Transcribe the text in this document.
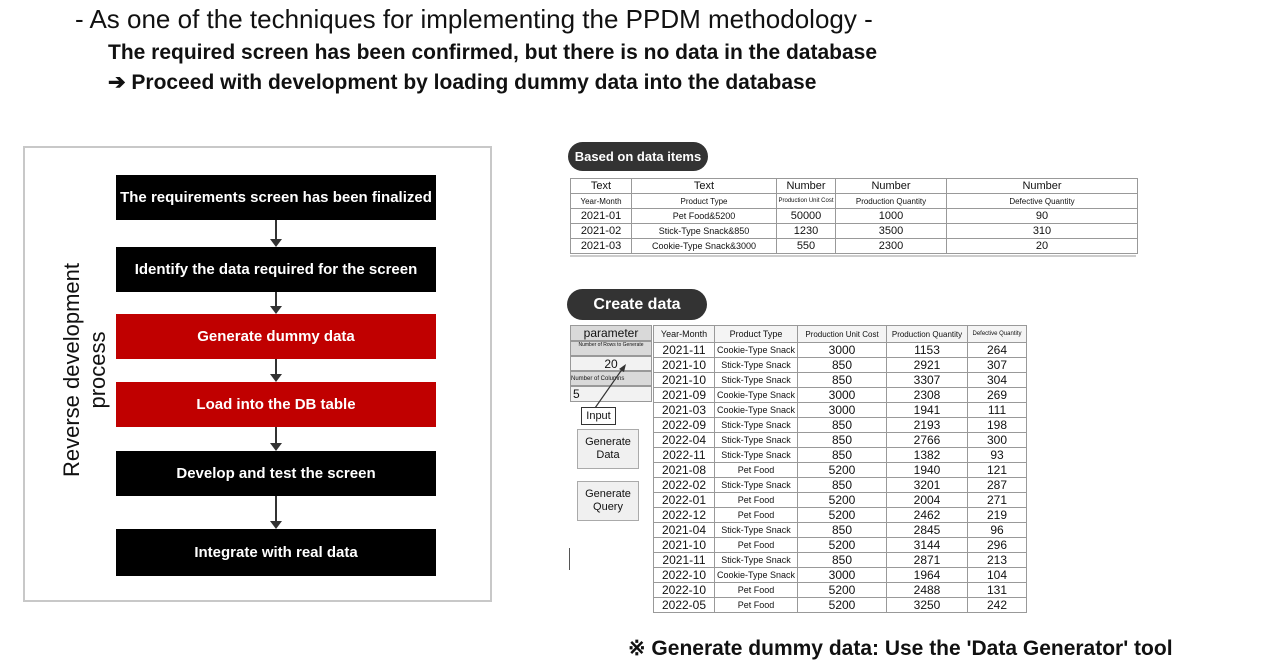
- As one of the techniques for implementing the PPDM methodology -
The required screen has been confirmed, but there is no data in the database
➔ Proceed with development by loading dummy data into the database
Reverse development process
The requirements screen has been finalized
Identify the data required for the screen
Generate dummy data
Load into the DB table
Develop and test the screen
Integrate with real data
Based on data items
Text	Text	Number	Number	Number
Year-Month	Product Type	Production Unit Cost	Production Quantity	Defective Quantity
2021-01	Pet Food&5200	50000	1000	90
2021-02	Stick-Type Snack&850	1230	3500	310
2021-03	Cookie-Type Snack&3000	550	2300	20
Create data
parameter
Number of Rows to Generate
20
Number of Columns
5
Input
Generate Data
Generate Query
Year-Month	Product Type	Production Unit Cost	Production Quantity	Defective Quantity
2021-11	Cookie-Type Snack	3000	1153	264
2021-10	Stick-Type Snack	850	2921	307
2021-10	Stick-Type Snack	850	3307	304
2021-09	Cookie-Type Snack	3000	2308	269
2021-03	Cookie-Type Snack	3000	1941	111
2022-09	Stick-Type Snack	850	2193	198
2022-04	Stick-Type Snack	850	2766	300
2022-11	Stick-Type Snack	850	1382	93
2021-08	Pet Food	5200	1940	121
2022-02	Stick-Type Snack	850	3201	287
2022-01	Pet Food	5200	2004	271
2022-12	Pet Food	5200	2462	219
2021-04	Stick-Type Snack	850	2845	96
2021-10	Pet Food	5200	3144	296
2021-11	Stick-Type Snack	850	2871	213
2022-10	Cookie-Type Snack	3000	1964	104
2022-10	Pet Food	5200	2488	131
2022-05	Pet Food	5200	3250	242
※ Generate dummy data: Use the 'Data Generator' tool
